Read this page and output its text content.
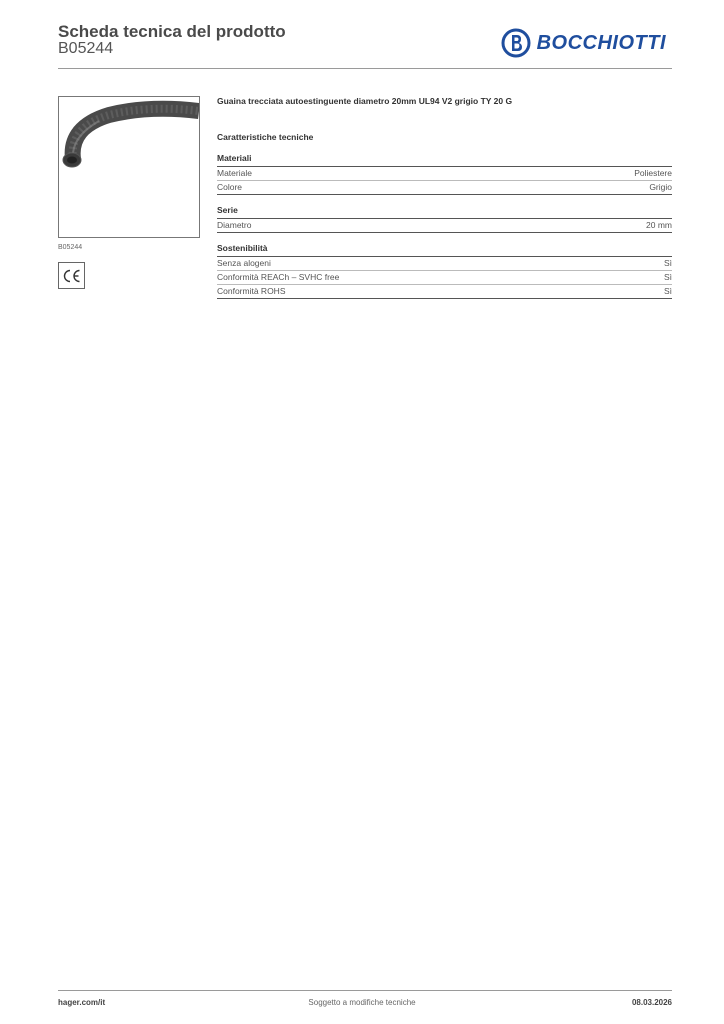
Scheda tecnica del prodotto
B05244	BOCCHIOTTI
B05244
Guaina trecciata autoestinguente diametro 20mm UL94 V2 grigio TY 20 G
Caratteristiche tecniche
Materiali
Materiale	Poliestere
Colore	Grigio
Serie
Diametro	20 mm
Sostenibilità
Senza alogeni	Sì
Conformità REACh – SVHC free	Sì
Conformità ROHS	Sì
hager.com/it	Soggetto a modifiche tecniche	08.03.2026
